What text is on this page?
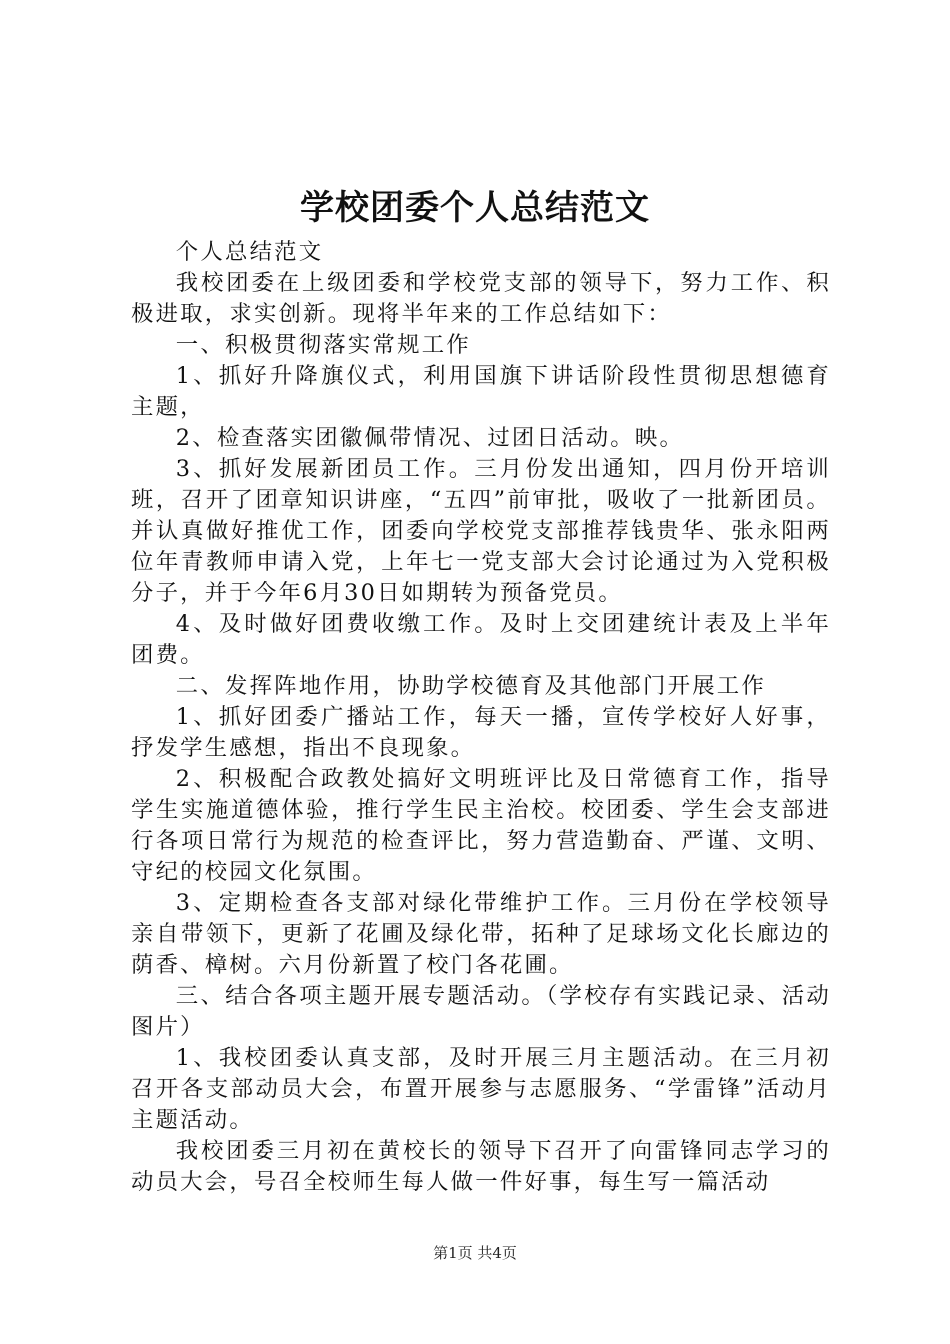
学校团委个人总结范文

个人总结范文

我校团委在上级团委和学校党支部的领导下，努力工作、积极进取，求实创新。现将半年来的工作总结如下：

一、积极贯彻落实常规工作

1、抓好升降旗仪式，利用国旗下讲话阶段性贯彻思想德育主题，

2、检查落实团徽佩带情况、过团日活动。映。

3、抓好发展新团员工作。三月份发出通知，四月份开培训班，召开了团章知识讲座，“五四”前审批，吸收了一批新团员。并认真做好推优工作，团委向学校党支部推荐钱贵华、张永阳两位年青教师申请入党，上年七一党支部大会讨论通过为入党积极分子，并于今年6月30日如期转为预备党员。

4、及时做好团费收缴工作。及时上交团建统计表及上半年团费。

二、发挥阵地作用，协助学校德育及其他部门开展工作

1、抓好团委广播站工作，每天一播，宣传学校好人好事，抒发学生感想，指出不良现象。

2、积极配合政教处搞好文明班评比及日常德育工作，指导学生实施道德体验，推行学生民主治校。校团委、学生会支部进行各项日常行为规范的检查评比，努力营造勤奋、严谨、文明、守纪的校园文化氛围。

3、定期检查各支部对绿化带维护工作。三月份在学校领导亲自带领下，更新了花圃及绿化带，拓种了足球场文化长廊边的荫香、樟树。六月份新置了校门各花圃。

三、结合各项主题开展专题活动。（学校存有实践记录、活动图片）

1、我校团委认真支部，及时开展三月主题活动。在三月初召开各支部动员大会，布置开展参与志愿服务、“学雷锋”活动月主题活动。

我校团委三月初在黄校长的领导下召开了向雷锋同志学习的动员大会，号召全校师生每人做一件好事，每生写一篇活动

第1页 共4页
